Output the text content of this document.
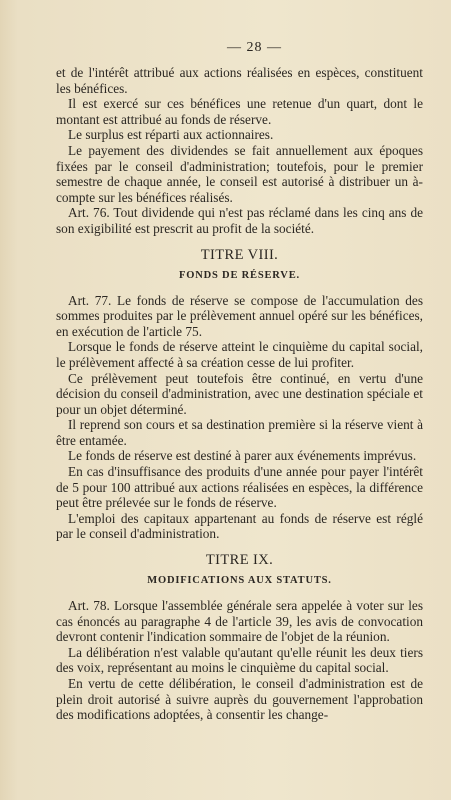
— 28 —

et de l'intérêt attribué aux actions réalisées en espèces, constituent les bénéfices.

Il est exercé sur ces bénéfices une retenue d'un quart, dont le montant est attribué au fonds de réserve.

Le surplus est réparti aux actionnaires.

Le payement des dividendes se fait annuellement aux époques fixées par le conseil d'administration; toutefois, pour le premier semestre de chaque année, le conseil est autorisé à distribuer un à-compte sur les bénéfices réalisés.

Art. 76. Tout dividende qui n'est pas réclamé dans les cinq ans de son exigibilité est prescrit au profit de la société.

TITRE VIII.
FONDS DE RÉSERVE.

Art. 77. Le fonds de réserve se compose de l'accumulation des sommes produites par le prélèvement annuel opéré sur les bénéfices, en exécution de l'article 75.

Lorsque le fonds de réserve atteint le cinquième du capital social, le prélèvement affecté à sa création cesse de lui profiter.

Ce prélèvement peut toutefois être continué, en vertu d'une décision du conseil d'administration, avec une destination spéciale et pour un objet déterminé.

Il reprend son cours et sa destination première si la réserve vient à être entamée.

Le fonds de réserve est destiné à parer aux événements imprévus.

En cas d'insuffisance des produits d'une année pour payer l'intérêt de 5 pour 100 attribué aux actions réalisées en espèces, la différence peut être prélevée sur le fonds de réserve.

L'emploi des capitaux appartenant au fonds de réserve est réglé par le conseil d'administration.

TITRE IX.
MODIFICATIONS AUX STATUTS.

Art. 78. Lorsque l'assemblée générale sera appelée à voter sur les cas énoncés au paragraphe 4 de l'article 39, les avis de convocation devront contenir l'indication sommaire de l'objet de la réunion.

La délibération n'est valable qu'autant qu'elle réunit les deux tiers des voix, représentant au moins le cinquième du capital social.

En vertu de cette délibération, le conseil d'administration est de plein droit autorisé à suivre auprès du gouvernement l'approbation des modifications adoptées, à consentir les change-
